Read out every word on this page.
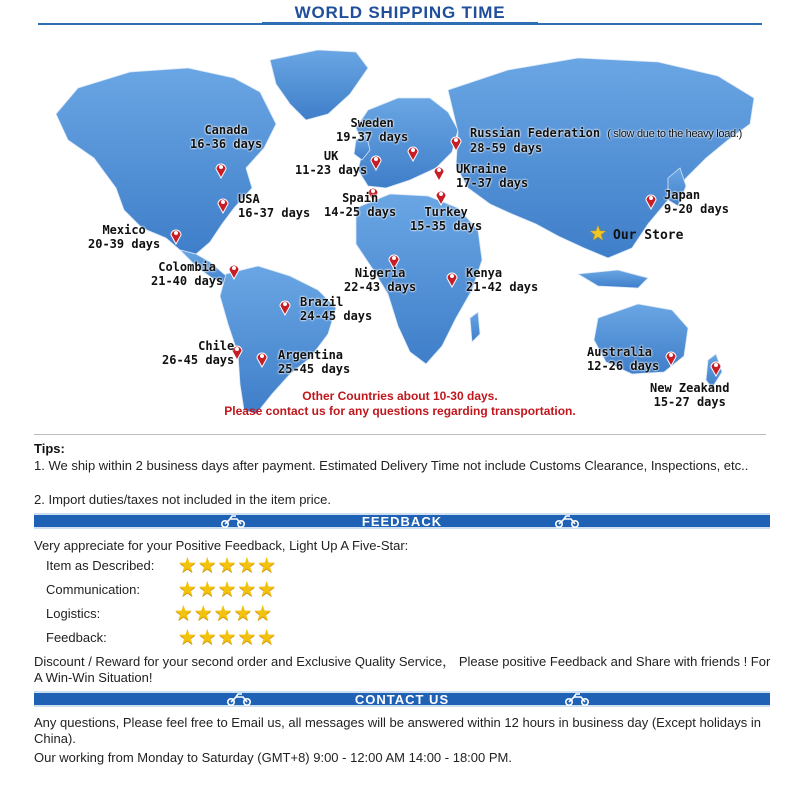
WORLD SHIPPING TIME
Canada
16-36 days
USA
16-37 days
Mexico
20-39 days
Colombia
21-40 days
Brazil
24-45 days
Chile
26-45 days	Argentina
25-45 days
Sweden
19-37 days
UK
11-23 days
Spain
14-25 days
Russian Federation ( slow due to the heavy load.)
28-59 days
UKraine
17-37 days
Turkey
15-35 days
Nigeria
22-43 days
Kenya
21-42 days
Japan
9-20 days
Australia
12-26 days
New Zeakand
15-27 days
★ Our Store
Other Countries about 10-30 days.
Please contact us for any questions regarding transportation.
Tips:
1. We ship within 2 business days after payment. Estimated Delivery Time not include Customs Clearance, Inspections, etc..
2. Import duties/taxes not included in the item price.
FEEDBACK
Very appreciate for your Positive Feedback, Light Up A Five-Star:
Item as Described: ★★★★★
Communication: ★★★★★
Logistics:	★★★★★
Feedback:	★★★★★
Discount / Reward for your second order and Exclusive Quality Service， Please positive Feedback and Share with friends ! For A Win-Win Situation!
CONTACT US
Any questions, Please feel free to Email us, all messages will be answered within 12 hours in business day (Except holidays in China).
Our working from Monday to Saturday (GMT+8) 9:00 - 12:00 AM 14:00 - 18:00 PM.
